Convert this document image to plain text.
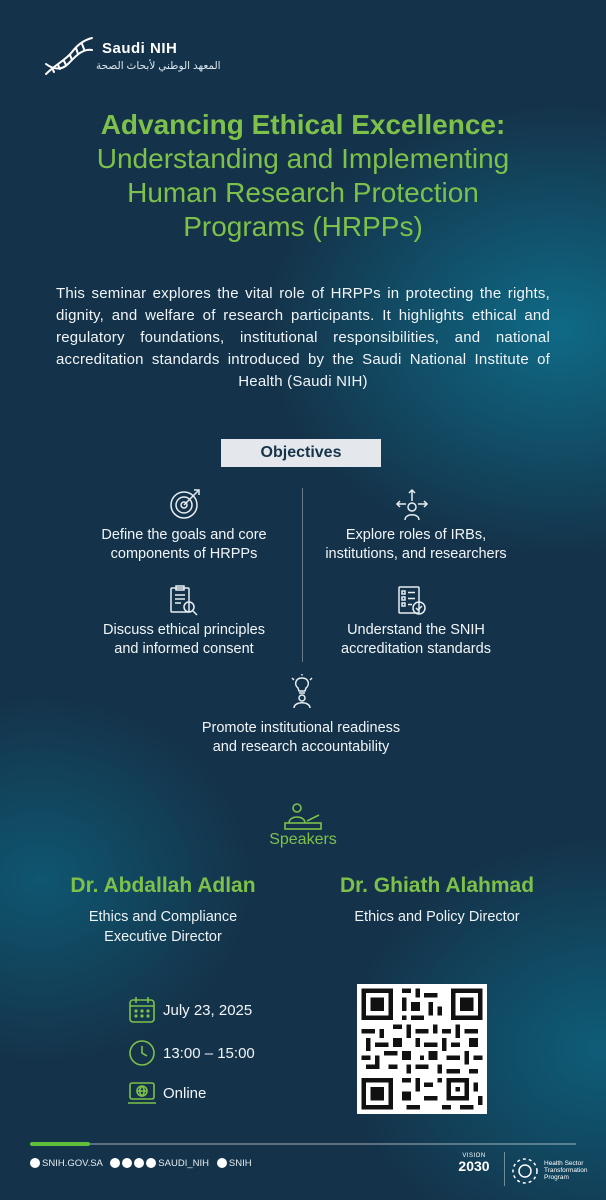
Saudi NIH
المعهد الوطني لأبحاث الصحة
Advancing Ethical Excellence:
Understanding and Implementing
Human Research Protection
Programs (HRPPs)
This seminar explores the vital role of HRPPs in protecting the rights, dignity, and welfare of research participants. It highlights ethical and regulatory foundations, institutional responsibilities, and national accreditation standards introduced by the Saudi National Institute of Health (Saudi NIH)
Objectives
Define the goals and core
components of HRPPs
Explore roles of IRBs,
institutions, and researchers
Discuss ethical principles
and informed consent
Understand the SNIH
accreditation standards
Promote institutional readiness
and research accountability
Speakers
Dr. Abdallah Adlan
Ethics and Compliance
Executive Director
Dr. Ghiath Alahmad
Ethics and Policy Director
July 23, 2025
13:00 – 15:00
Online
SNIH.GOV.SA	SAUDI_NIH SNIH
VISION
2030	Health Sector Transformation Program
